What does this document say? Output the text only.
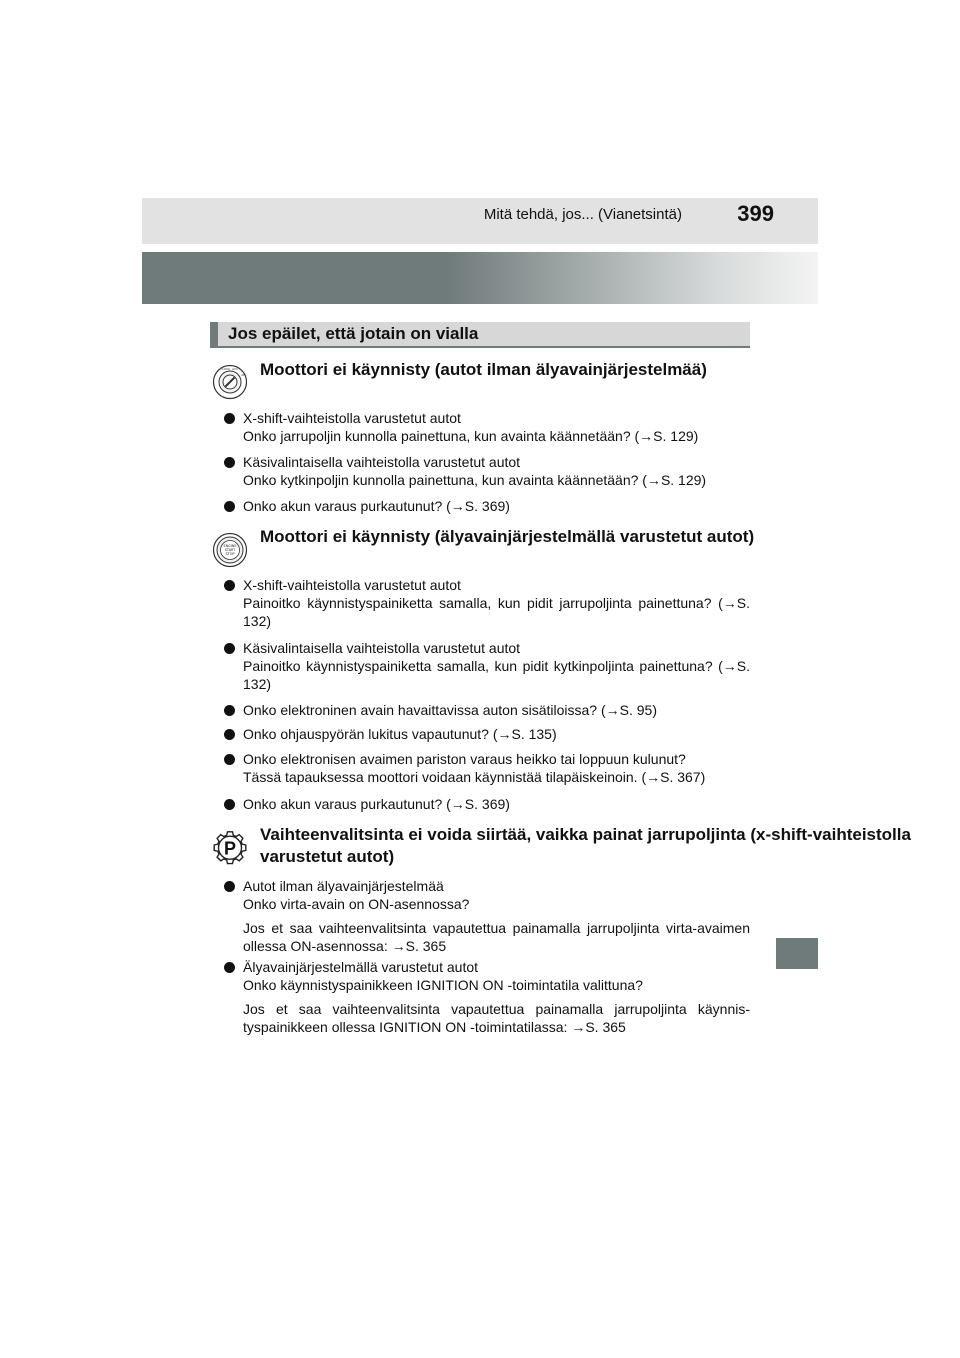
Mitä tehdä, jos... (Vianetsintä)	399
Jos epäilet, että jotain on vialla
LOCK ACC
ON Moottori ei käynnisty (autot ilman älyavainjärjestelmää)
X-shift-vaihteistolla varustetut autot
Onko jarrupoljin kunnolla painettuna, kun avainta käännetään? (→S. 129)
Käsivalintaisella vaihteistolla varustetut autot
Onko kytkinpoljin kunnolla painettuna, kun avainta käännetään? (→S. 129)
Onko akun varaus purkautunut? (→S. 369)
ENGINE
START
STOP
Moottori ei käynnisty (älyavainjärjestelmällä varustetut autot)
X-shift-vaihteistolla varustetut autot
Painoitko käynnistyspainiketta samalla, kun pidit jarrupoljinta painettuna? (→S. 132)
Käsivalintaisella vaihteistolla varustetut autot
Painoitko käynnistyspainiketta samalla, kun pidit kytkinpoljinta painettuna? (→S. 132)
Onko elektroninen avain havaittavissa auton sisätiloissa? (→S. 95)
Onko ohjauspyörän lukitus vapautunut? (→S. 135)
Onko elektronisen avaimen pariston varaus heikko tai loppuun kulunut?
Tässä tapauksessa moottori voidaan käynnistää tilapäiskeinoin. (→S. 367)
Onko akun varaus purkautunut? (→S. 369)
P
Vaihteenvalitsinta ei voida siirtää, vaikka painat jarrupoljinta (x-shift-vaihteistolla varustetut autot)
Autot ilman älyavainjärjestelmää
Onko virta-avain on ON-asennossa?
Jos et saa vaihteenvalitsinta vapautettua painamalla jarrupoljinta virta-avaimen ollessa ON-asennossa: →S. 365
Älyavainjärjestelmällä varustetut autot
Onko käynnistyspainikkeen IGNITION ON -toimintatila valittuna?
Jos et saa vaihteenvalitsinta vapautettua painamalla jarrupoljinta käynnis-tyspainikkeen ollessa IGNITION ON -toimintatilassa: →S. 365
